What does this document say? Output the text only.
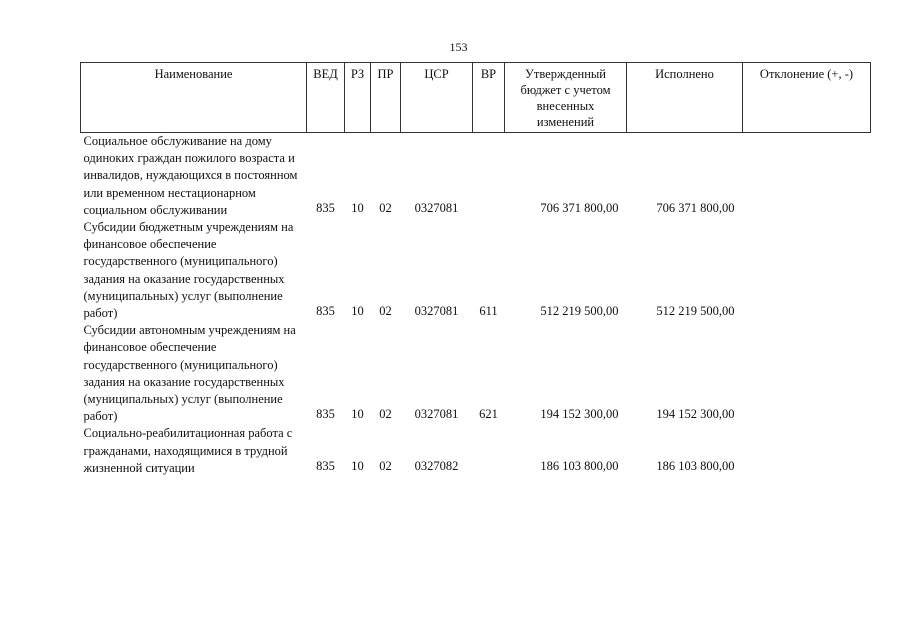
153
Наименование	ВЕД	РЗ	ПР	ЦСР	ВР	Утвержденный бюджет с учетом внесенных изменений	Исполнено	Отклонение (+, -)
Социальное обслуживание на дому одиноких граждан пожилого возраста и инвалидов, нуждающихся в постоянном или временном нестационарном социальном обслуживании	835	10	02	0327081		706 371 800,00	706 371 800,00	
Субсидии бюджетным учреждениям на финансовое обеспечение государственного (муниципального) задания на оказание государственных (муниципальных) услуг (выполнение работ)	835	10	02	0327081	611	512 219 500,00	512 219 500,00	
Субсидии автономным учреждениям на финансовое обеспечение государственного (муниципального) задания на оказание государственных (муниципальных) услуг (выполнение работ)	835	10	02	0327081	621	194 152 300,00	194 152 300,00	
Социально-реабилитационная работа с гражданами, находящимися в трудной жизненной ситуации	835	10	02	0327082		186 103 800,00	186 103 800,00	
